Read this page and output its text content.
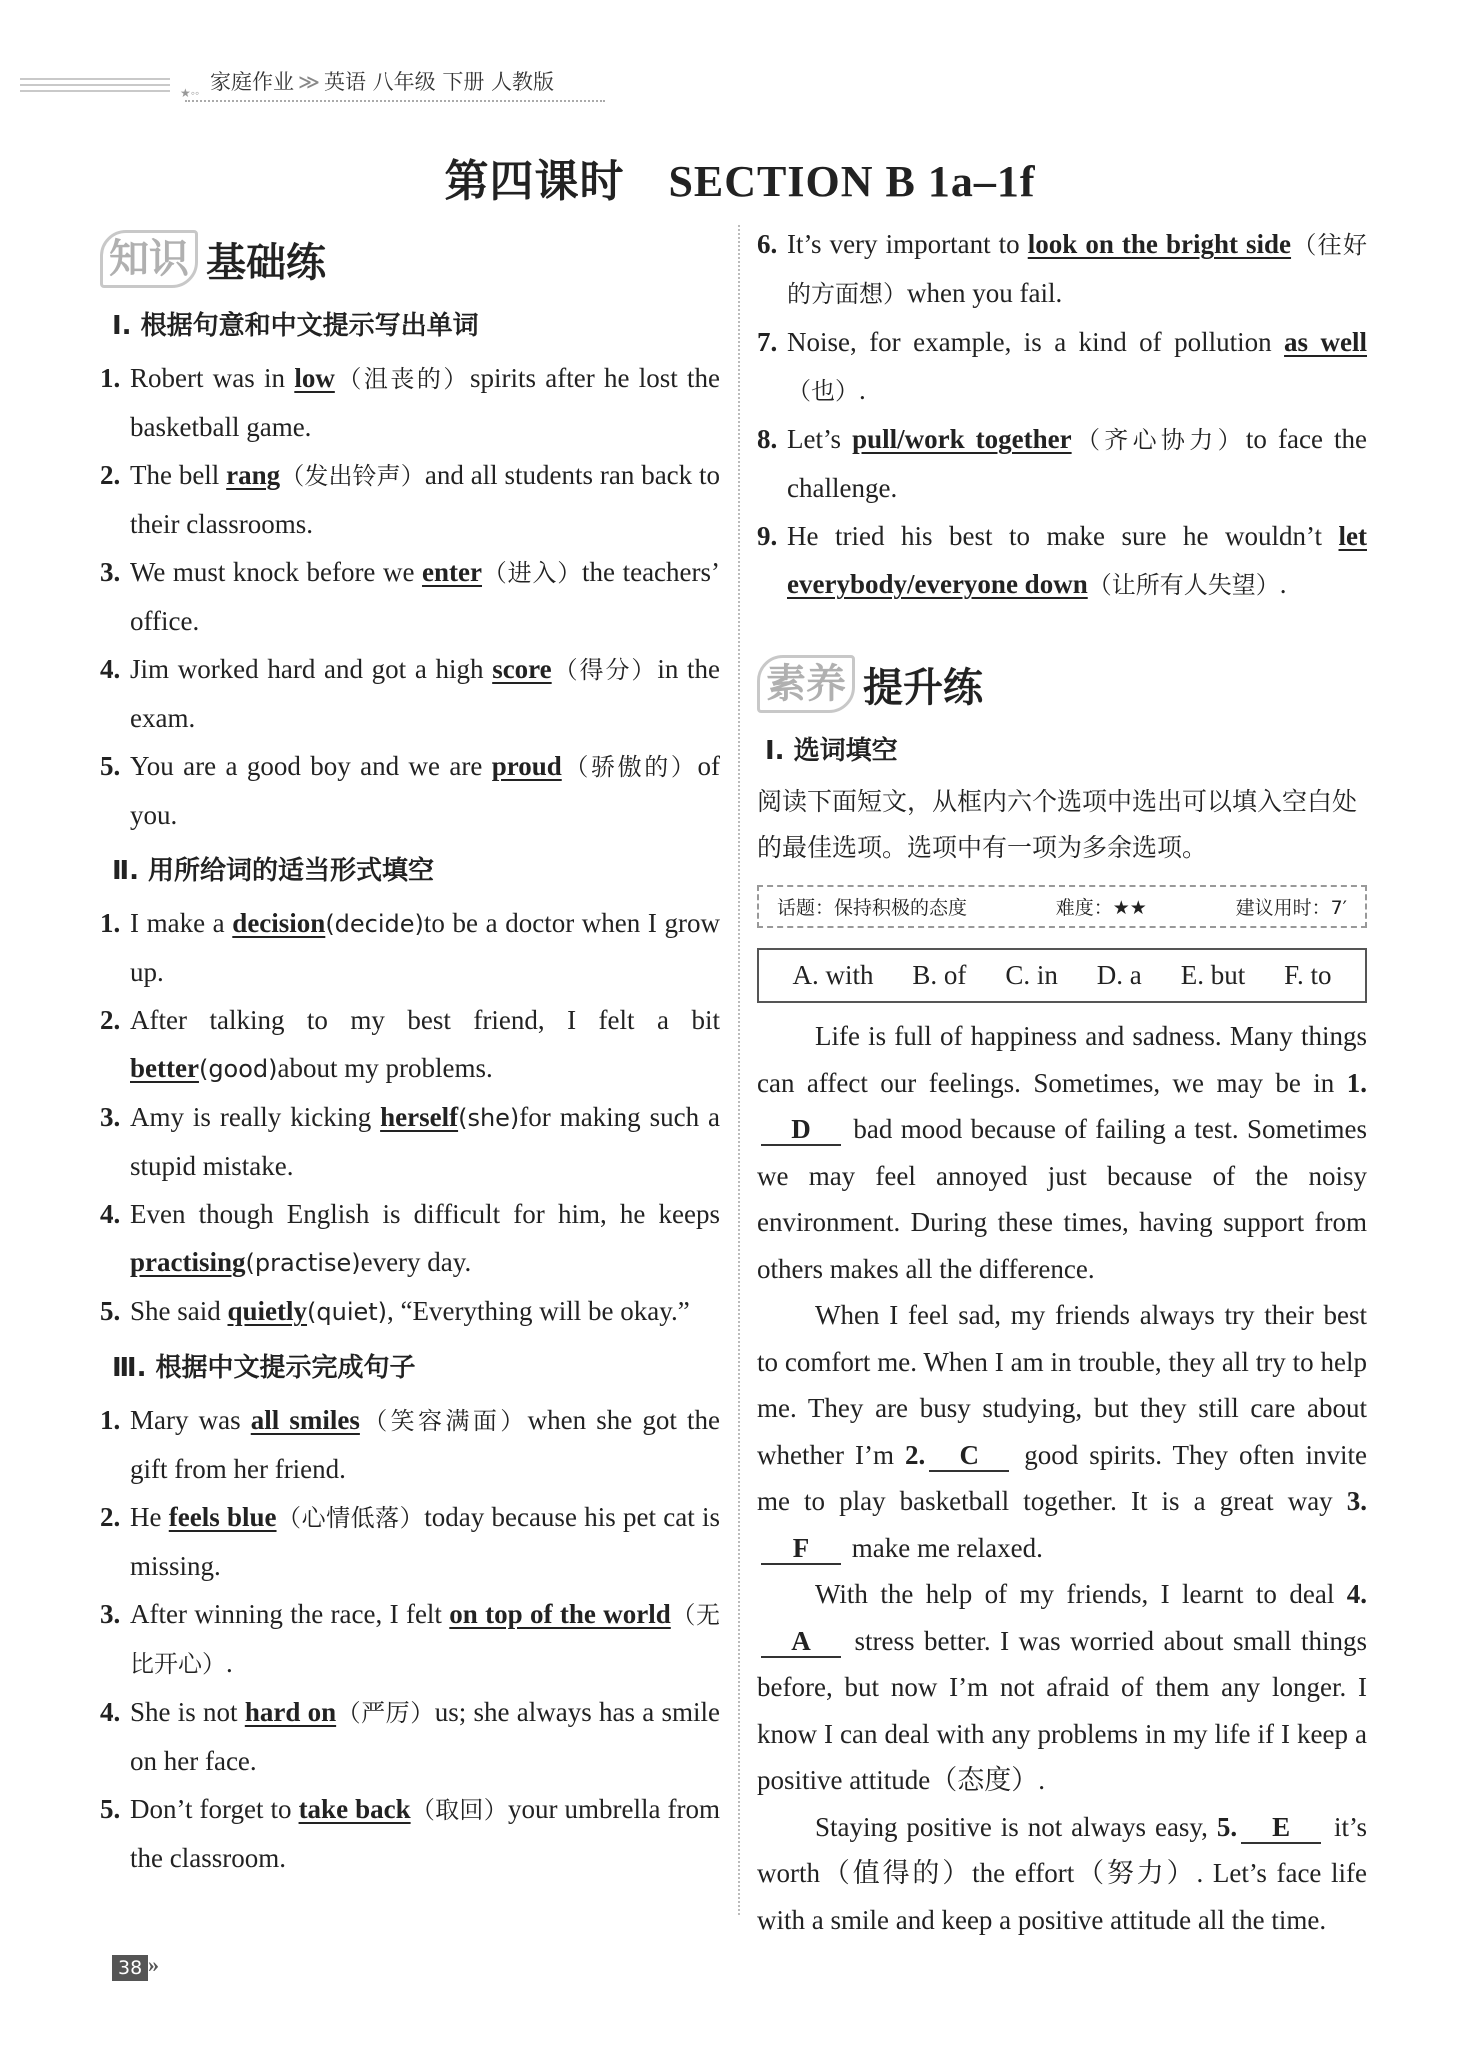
★◦◦ 家庭作业 ≫ 英语 八年级 下册 人教版
第四课时 SECTION B 1a–1f
知识 基础练
Ⅰ. 根据句意和中文提示写出单词
1. Robert was in low（沮丧的）spirits after he lost the basketball game.
2. The bell rang（发出铃声）and all students ran back to their classrooms.
3. We must knock before we enter（进入）the teachers’ office.
4. Jim worked hard and got a high score（得分）in the exam.
5. You are a good boy and we are proud（骄傲的）of you.
Ⅱ. 用所给词的适当形式填空
1. I make a decision(decide)to be a doctor when I grow up.
2. After talking to my best friend, I felt a bit better(good)about my problems.
3. Amy is really kicking herself(she)for making such a stupid mistake.
4. Even though English is difficult for him, he keeps practising(practise)every day.
5. She said quietly(quiet), “Everything will be okay.”
Ⅲ. 根据中文提示完成句子
1. Mary was all smiles（笑容满面）when she got the gift from her friend.
2. He feels blue（心情低落）today because his pet cat is missing.
3. After winning the race, I felt on top of the world（无比开心）.
4. She is not hard on（严厉）us; she always has a smile on her face.
5. Don’t forget to take back（取回）your umbrella from the classroom.
6. It’s very important to look on the bright side（往好的方面想）when you fail.
7. Noise, for example, is a kind of pollution as well（也）.
8. Let’s pull/work together（齐心协力）to face the challenge.
9. He tried his best to make sure he wouldn’t let everybody/everyone down（让所有人失望）.
素养 提升练
Ⅰ. 选词填空
阅读下面短文，从框内六个选项中选出可以填入空白处的最佳选项。选项中有一项为多余选项。
话题：保持积极的态度	难度：★★	建议用时：7′
A. with B. of C. in D. a E. but F. to

Life is full of happiness and sadness. Many things can affect our feelings. Sometimes, we may be in 1.D bad mood because of failing a test. Sometimes we may feel annoyed just because of the noisy environment. During these times, having support from others makes all the difference.

When I feel sad, my friends always try their best to comfort me. When I am in trouble, they all try to help me. They are busy studying, but they still care about whether I’m 2. C good spirits. They often invite me to play basketball together. It is a great way 3.F make me relaxed.

With the help of my friends, I learnt to deal 4.A stress better. I was worried about small things before, but now I’m not afraid of them any longer. I know I can deal with any problems in my life if I keep a positive attitude（态度）.

Staying positive is not always easy, 5. E it’s worth（值得的）the effort（努力）. Let’s face life with a smile and keep a positive attitude all the time.

38 »
